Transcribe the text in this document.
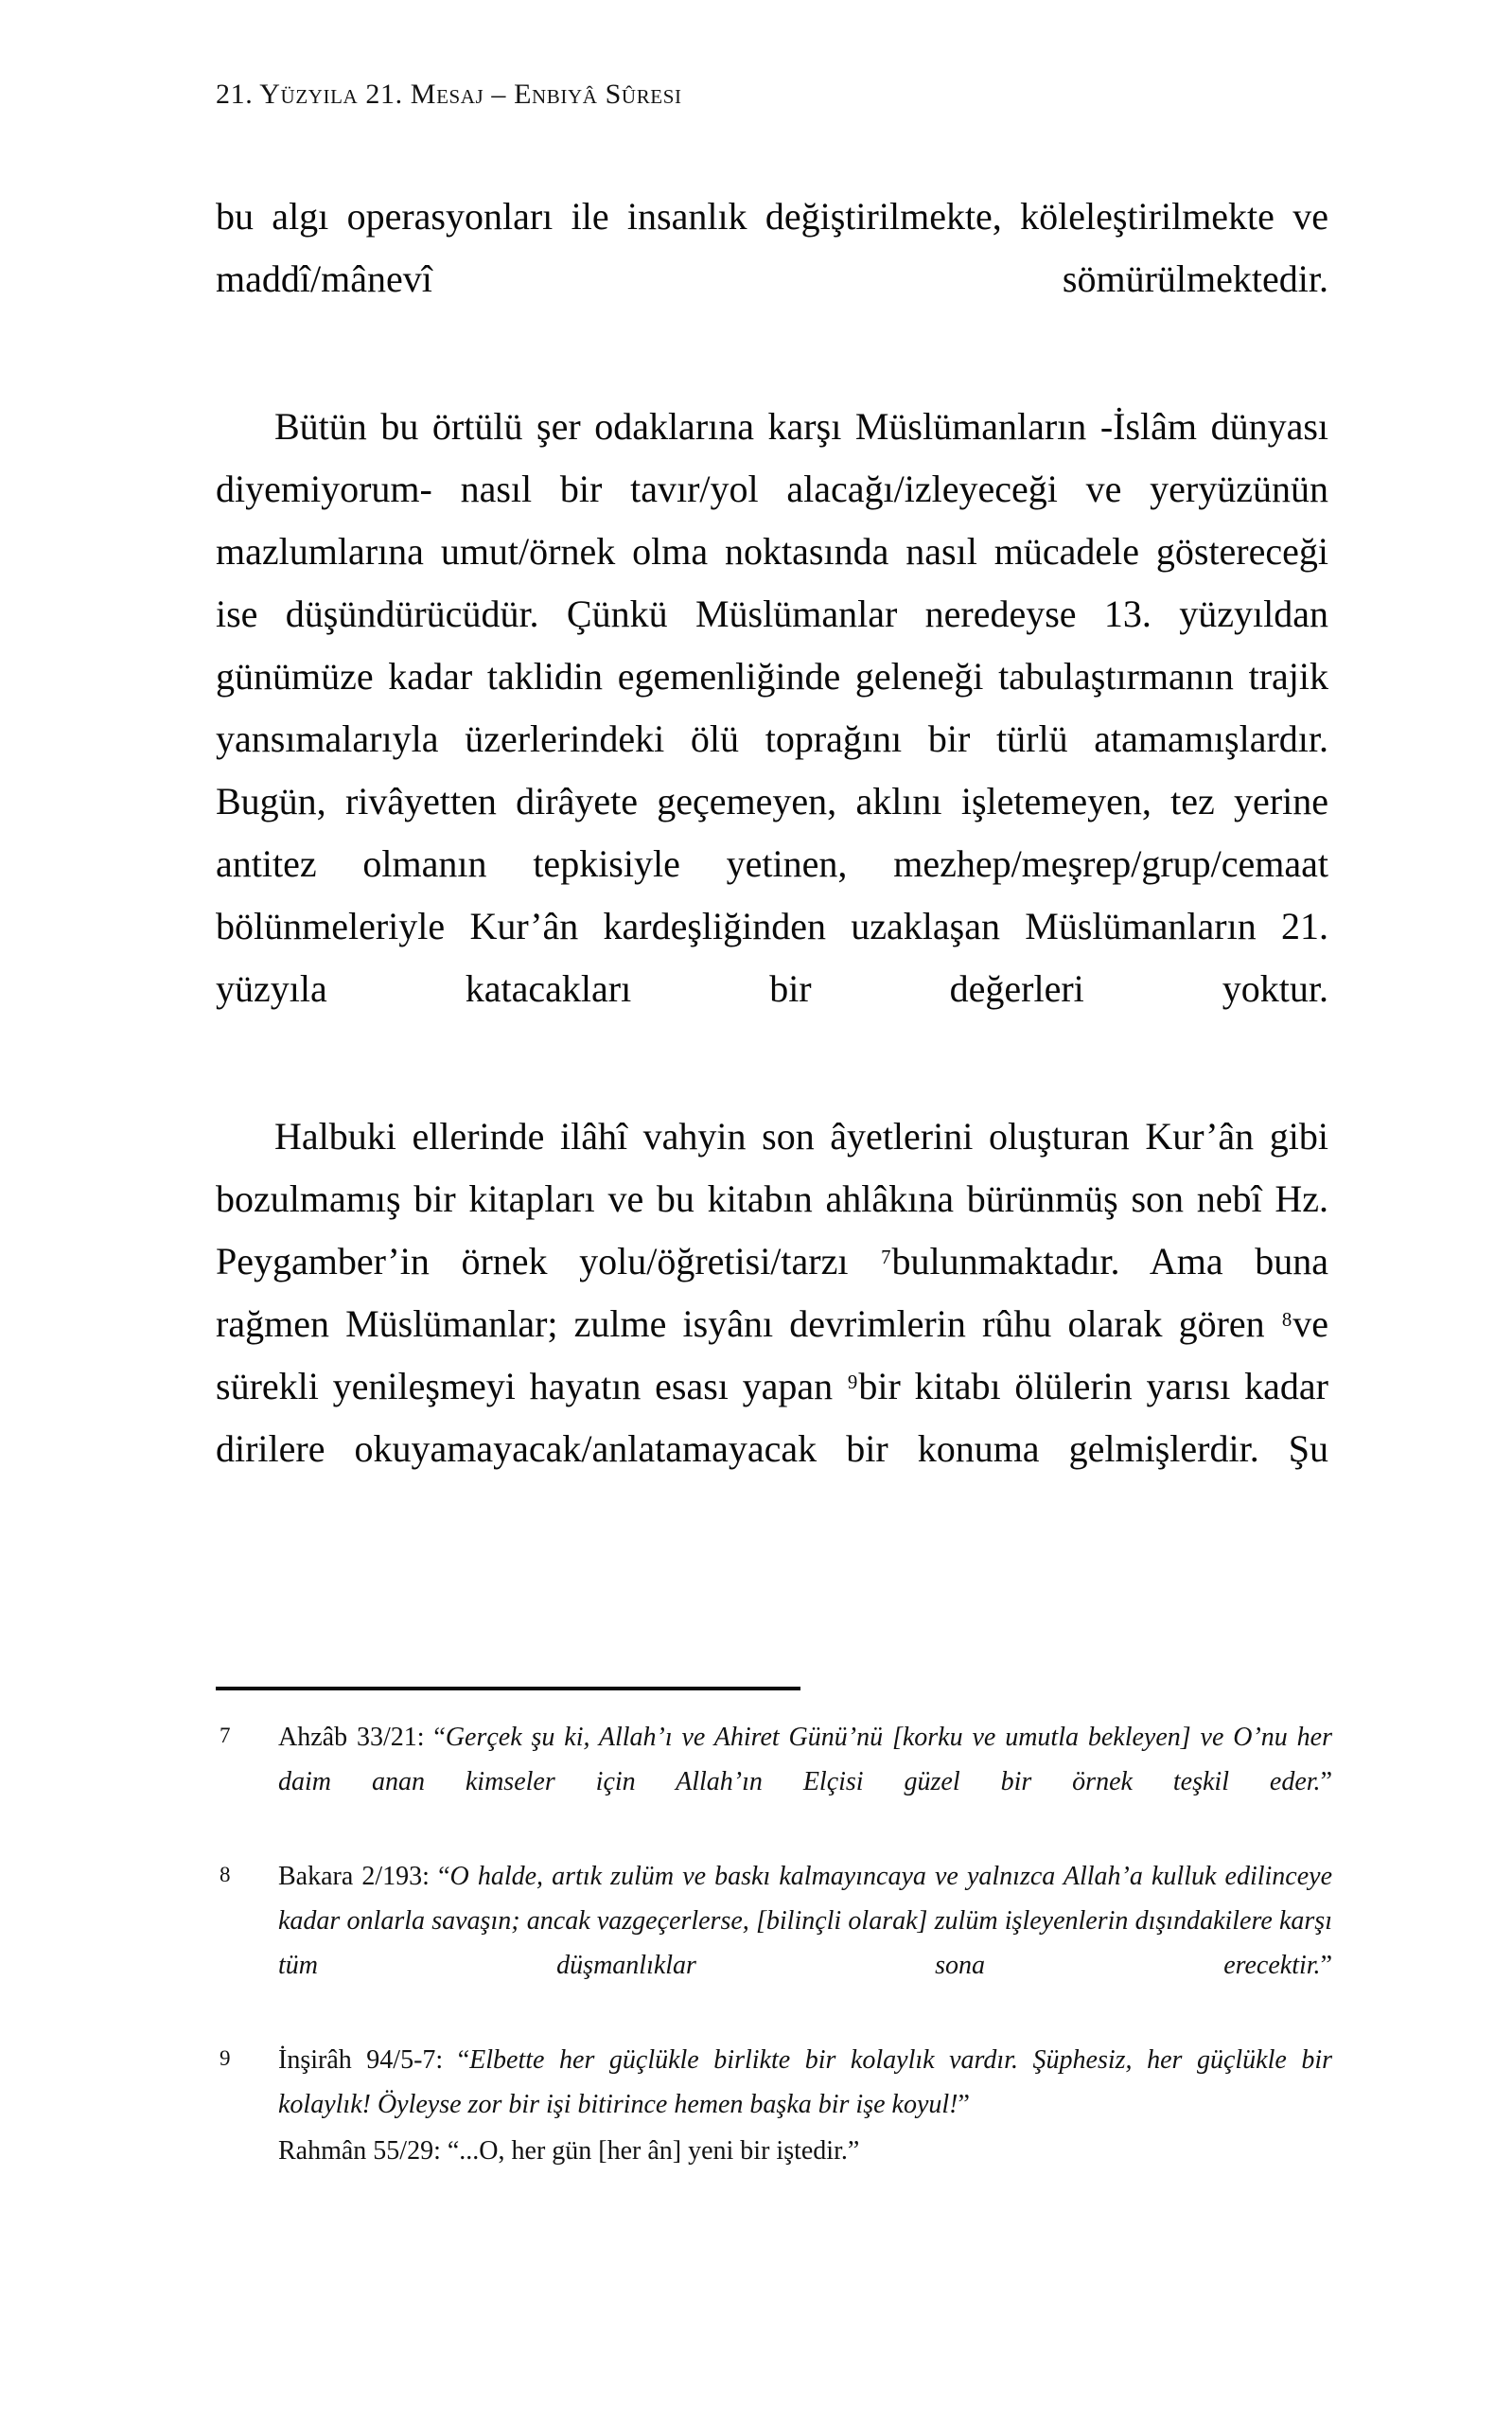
21. Yüzyıla 21. Mesaj – Enbiyâ Sûresi

bu algı operasyonları ile insanlık değiştirilmekte, köleleştirilmekte ve maddî/mânevî sömürülmektedir.

Bütün bu örtülü şer odaklarına karşı Müslümanların -İslâm dünyası diyemiyorum- nasıl bir tavır/yol alacağı/izleyeceği ve yeryüzünün mazlumlarına umut/örnek olma noktasında nasıl mücadele göstereceği ise düşündürücüdür. Çünkü Müslümanlar neredeyse 13. yüzyıldan günümüze kadar taklidin egemenliğinde geleneği tabulaştırmanın trajik yansımalarıyla üzerlerindeki ölü toprağını bir türlü atamamışlardır. Bugün, rivâyetten dirâyete geçemeyen, aklını işletemeyen, tez yerine antitez olmanın tepkisiyle yetinen, mezhep/meşrep/grup/cemaat bölünmeleriyle Kur’ân kardeşliğinden uzaklaşan Müslümanların 21. yüzyıla katacakları bir değerleri yoktur.

Halbuki ellerinde ilâhî vahyin son âyetlerini oluşturan Kur’ân gibi bozulmamış bir kitapları ve bu kitabın ahlâkına bürünmüş son nebî Hz. Peygamber’in örnek yolu/öğretisi/tarzı $^7$bulunmaktadır. Ama buna rağmen Müslümanlar; zulme isyânı devrimlerin rûhu olarak gören $^8$ve sürekli yenileşmeyi hayatın esası yapan $^9$bir kitabı ölülerin yarısı kadar dirilere okuyamayacak/anlatamayacak bir konuma gelmişlerdir. Şu

7 Ahzâb 33/21: “Gerçek şu ki, Allah’ı ve Ahiret Günü’nü [korku ve umutla bekleyen] ve O’nu her daim anan kimseler için Allah’ın Elçisi güzel bir örnek teşkil eder.”
8 Bakara 2/193: “O halde, artık zulüm ve baskı kalmayıncaya ve yalnızca Allah’a kulluk edilinceye kadar onlarla savaşın; ancak vazgeçerlerse, [bilinçli olarak] zulüm işleyenlerin dışındakilere karşı tüm düşmanlıklar sona erecektir.”
9 İnşirâh 94/5-7: “Elbette her güçlükle birlikte bir kolaylık vardır. Şüphesiz, her güçlükle bir kolaylık! Öyleyse zor bir işi bitirince hemen başka bir işe koyul!”
Rahmân 55/29: “...O, her gün [her ân] yeni bir iştedir.”
